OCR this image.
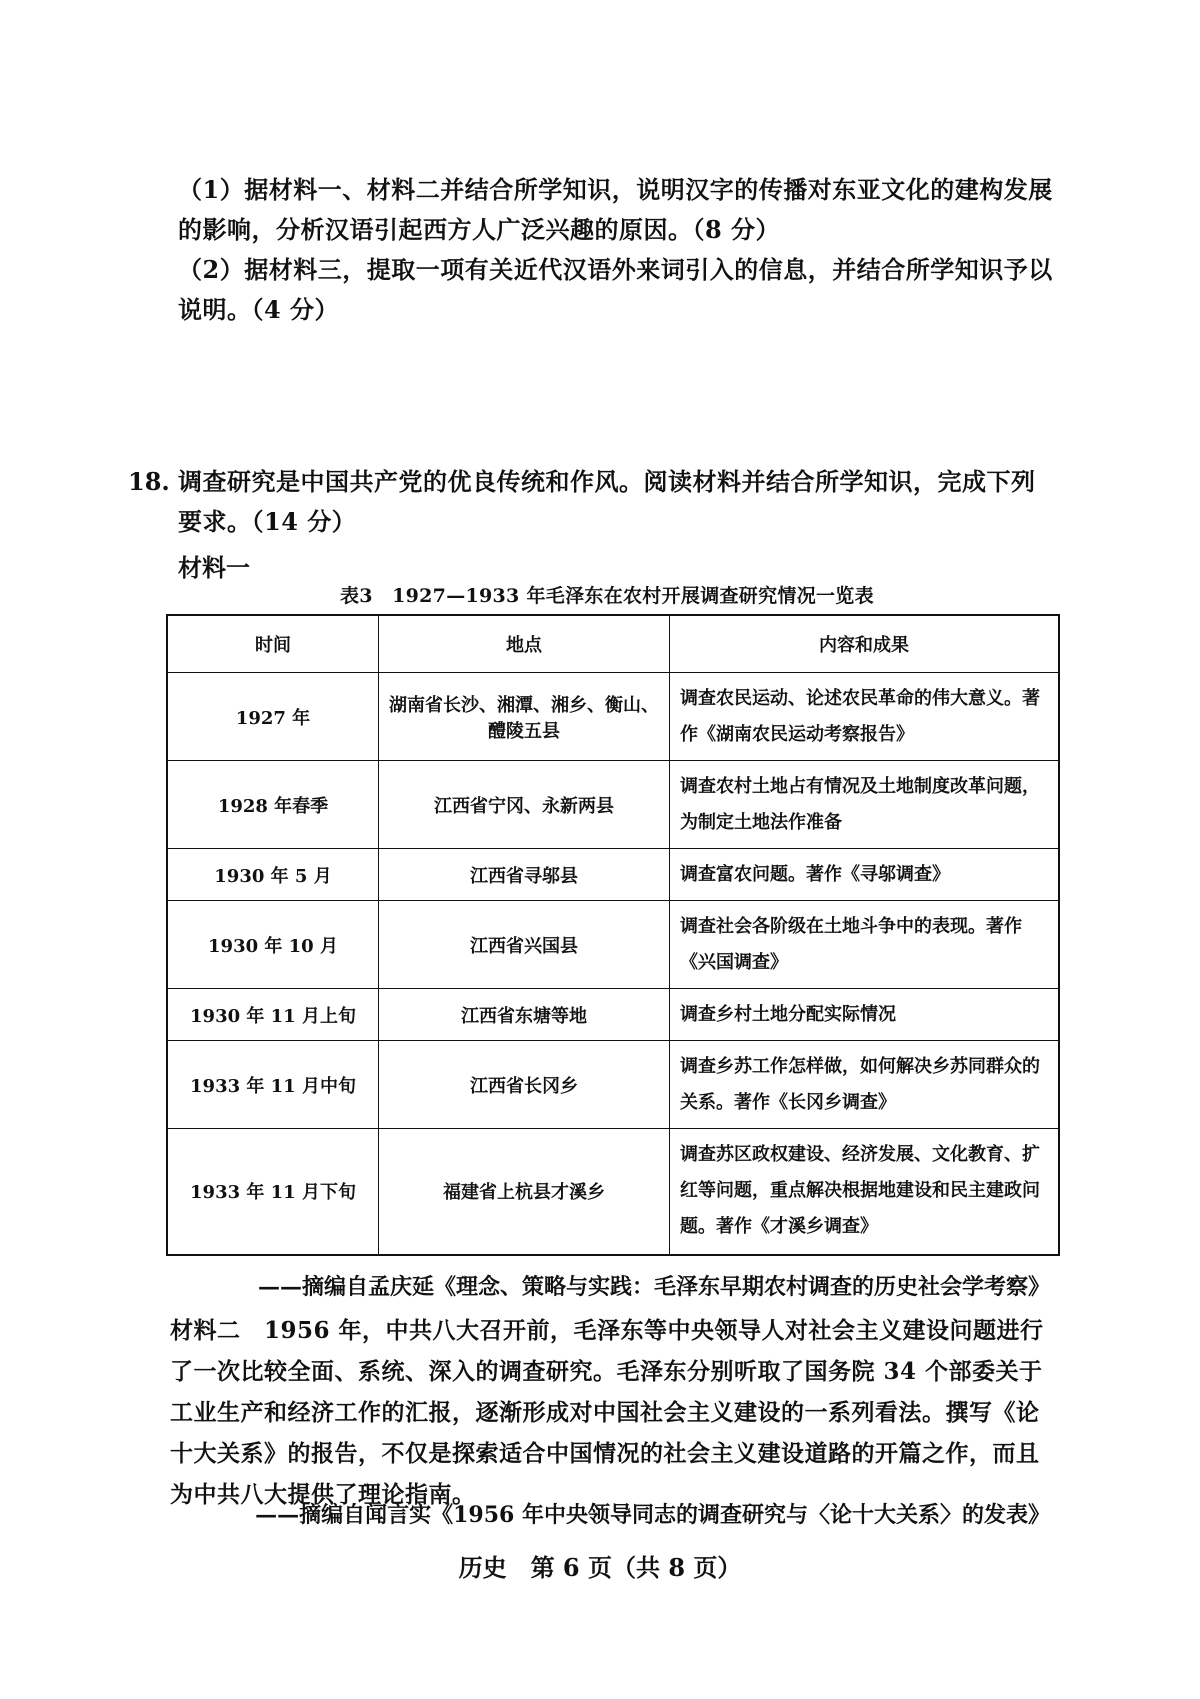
（1）据材料一、材料二并结合所学知识，说明汉字的传播对东亚文化的建构发展的影响，分析汉语引起西方人广泛兴趣的原因。（8 分）
（2）据材料三，提取一项有关近代汉语外来词引入的信息，并结合所学知识予以说明。（4 分）
18. 调查研究是中国共产党的优良传统和作风。阅读材料并结合所学知识，完成下列要求。（14 分）
材料一
表3　1927—1933 年毛泽东在农村开展调查研究情况一览表
时间	地点	内容和成果
1927 年	湖南省长沙、湘潭、湘乡、衡山、醴陵五县	调查农民运动、论述农民革命的伟大意义。著作《湖南农民运动考察报告》
1928 年春季	江西省宁冈、永新两县	调查农村土地占有情况及土地制度改革问题，为制定土地法作准备
1930 年 5 月	江西省寻邬县	调查富农问题。著作《寻邬调查》
1930 年 10 月	江西省兴国县	调查社会各阶级在土地斗争中的表现。著作《兴国调查》
1930 年 11 月上旬	江西省东塘等地	调查乡村土地分配实际情况
1933 年 11 月中旬	江西省长冈乡	调查乡苏工作怎样做，如何解决乡苏同群众的关系。著作《长冈乡调查》
1933 年 11 月下旬	福建省上杭县才溪乡	调查苏区政权建设、经济发展、文化教育、扩红等问题，重点解决根据地建设和民主建政问题。著作《才溪乡调查》
——摘编自孟庆延《理念、策略与实践：毛泽东早期农村调查的历史社会学考察》
材料二　1956 年，中共八大召开前，毛泽东等中央领导人对社会主义建设问题进行了一次比较全面、系统、深入的调查研究。毛泽东分别听取了国务院 34 个部委关于工业生产和经济工作的汇报，逐渐形成对中国社会主义建设的一系列看法。撰写《论十大关系》的报告，不仅是探索适合中国情况的社会主义建设道路的开篇之作，而且为中共八大提供了理论指南。
——摘编自闻言实《1956 年中央领导同志的调查研究与〈论十大关系〉的发表》
历史　第 6 页（共 8 页）
